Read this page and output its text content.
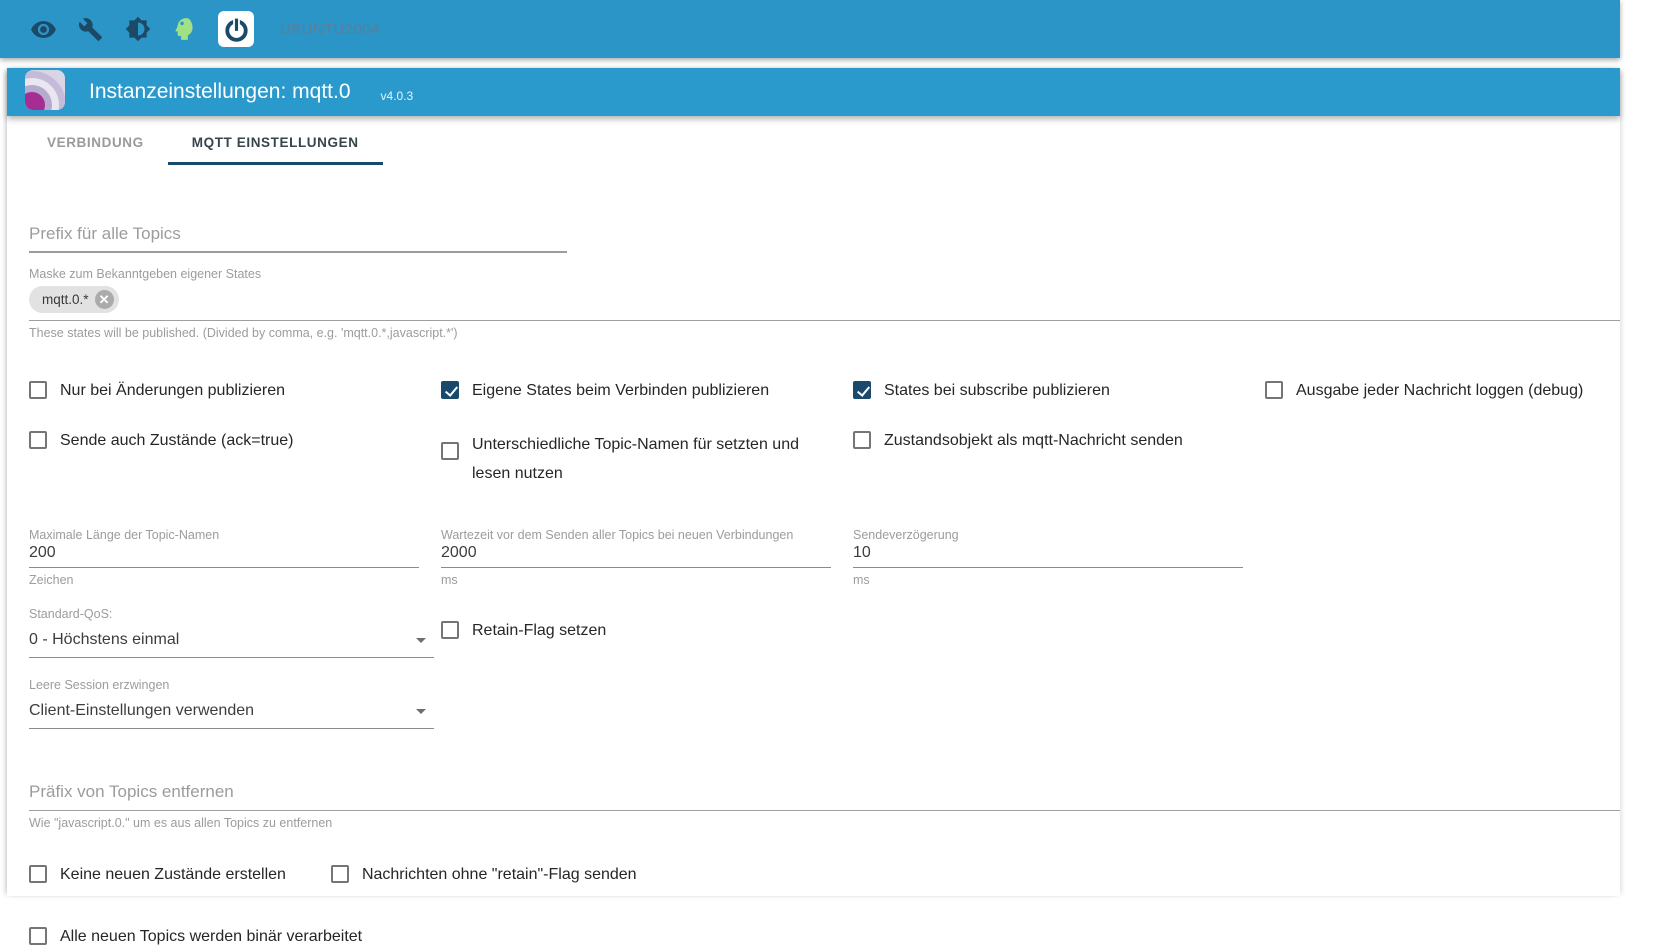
UBUNTU2004
Instanzeinstellungen: mqtt.0	v4.0.3
VERBINDUNG	MQTT EINSTELLUNGEN
Prefix für alle Topics
Maske zum Bekanntgeben eigener States
mqtt.0.* ✕
These states will be published. (Divided by comma, e.g. 'mqtt.0.*,javascript.*')
Nur bei Änderungen publizieren	Eigene States beim Verbinden publizieren	States bei subscribe publizieren	Ausgabe jeder Nachricht loggen (debug)
Sende auch Zustände (ack=true)	Unterschiedliche Topic-Namen für setzten und lesen nutzen
Zustandsobjekt als mqtt-Nachricht senden
Maximale Länge der Topic-Namen
200
Zeichen
Wartezeit vor dem Senden aller Topics bei neuen Verbindungen
2000
ms
Sendeverzögerung
10
ms
Standard-QoS:
0 - Höchstens einmal
Retain-Flag setzen
Leere Session erzwingen
Client-Einstellungen verwenden
Präfix von Topics entfernen
Wie "javascript.0." um es aus allen Topics zu entfernen
Keine neuen Zustände erstellen	Nachrichten ohne "retain"-Flag senden
Alle neuen Topics werden binär verarbeitet
